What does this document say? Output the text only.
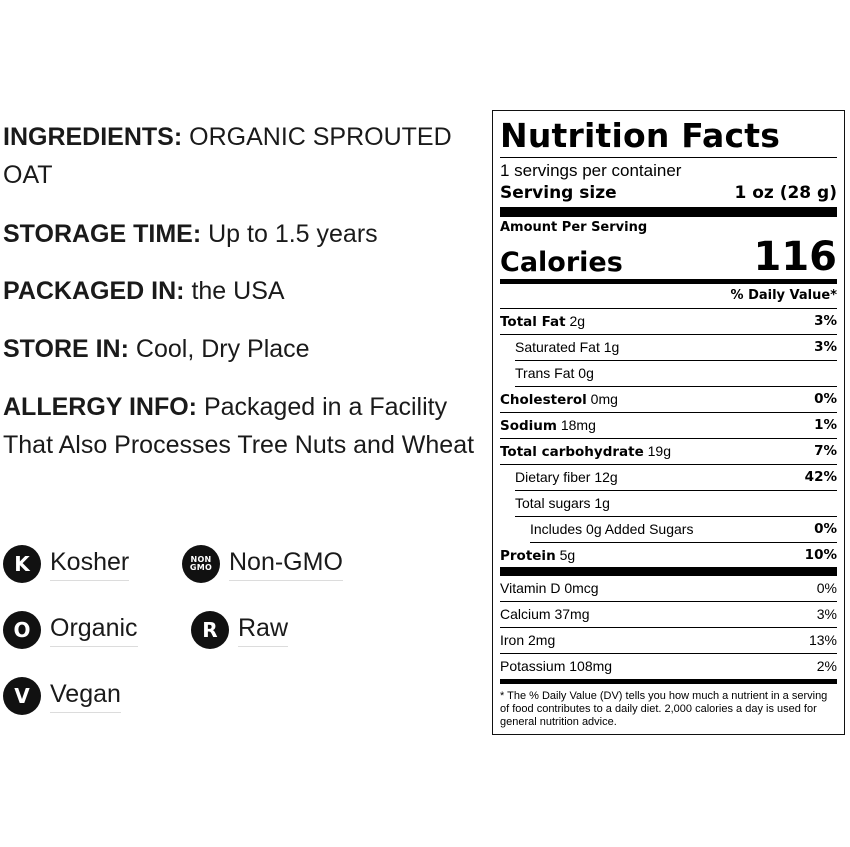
INGREDIENTS: ORGANIC SPROUTED OAT
STORAGE TIME: Up to 1.5 years
PACKAGED IN: the USA
STORE IN: Cool, Dry Place
ALLERGY INFO: Packaged in a Facility That Also Processes Tree Nuts and Wheat
K Kosher	NON
GMO Non-GMO
O Organic	R Raw
V Vegan
Nutrition Facts
1 servings per container
Serving size	1 oz (28 g)
Amount Per Serving
Calories	116
% Daily Value*
Total Fat 2g	3%
Saturated Fat 1g	3%
Trans Fat 0g
Cholesterol 0mg	0%
Sodium 18mg	1%
Total carbohydrate 19g	7%
Dietary fiber 12g	42%
Total sugars 1g
Includes 0g Added Sugars	0%
Protein 5g	10%
Vitamin D 0mcg	0%
Calcium 37mg	3%
Iron 2mg	13%
Potassium 108mg	2%
* The % Daily Value (DV) tells you how much a nutrient in a serving of food contributes to a daily diet. 2,000 calories a day is used for general nutrition advice.
